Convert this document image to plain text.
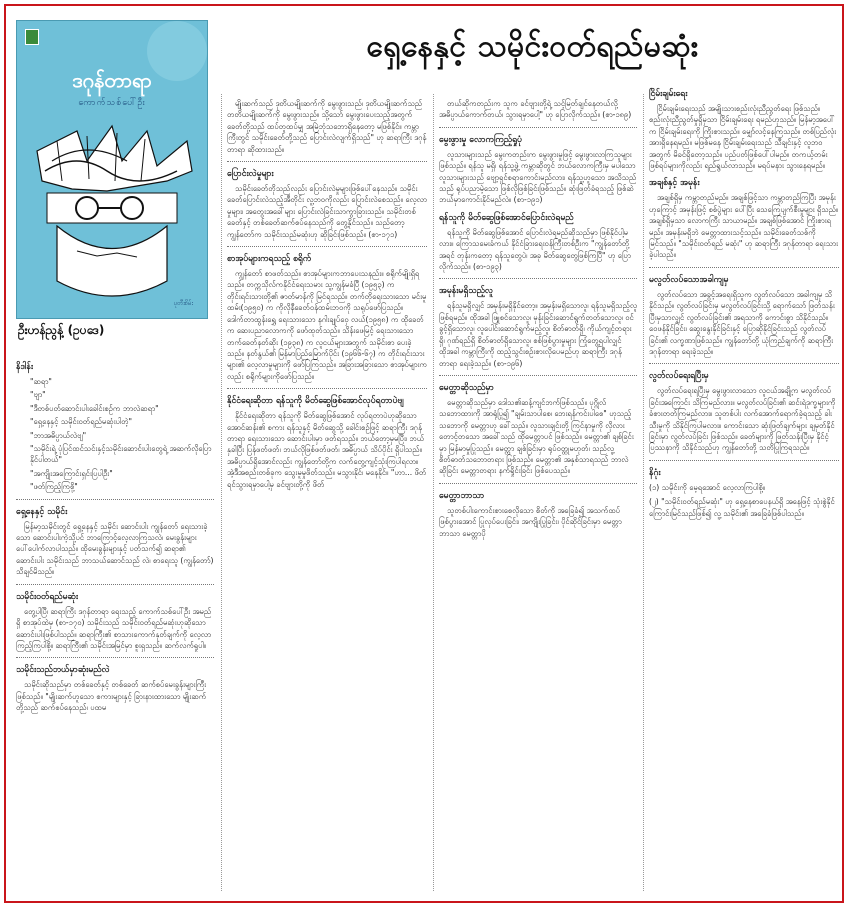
ဒဂုန်တာရာ
ကောက်သစ်ပေါ်ဦး
ပုတီးစိမ်း
ဦးဟန်ညွန့် (ဥပဒေ)
ရှေ့နေနှင့် သမိုင်းဝတ်ရည်မဆုံး
နိဒါန်း
"ဆရာ"
"ဗျာ"
"ဒီတစ်ပတ်ဆောင်းပါးခေါင်းစဉ်က ဘာလဲဆရာ"
"ရှေ့နေနှင့် သမိုင်းဝတ်ရည်မဆုံးပါတဲ့"
"ဘာအဓိပ္ပာယ်လဲဗျ"
"သမိုင်းရဲ့ ပုံပြင်ထင်သင်းနှင့်သမိုင်းဆောင်းပါးတွေရဲ့ အဆက်လိုပြောနိုင်ပါတယ်"
"အကျိုးအကြောင်းရှင်းပြပါဦး"
"ဖတ်ကြည့်ကြစို့"
ရှေ့နေနှင့် သမိုင်း

မြန်မာ့သမိုင်းတွင် ရှေ့နေနှင့် သမိုင်း ဆောင်းပါး ကျွန်တော် ရေးသားခဲ့သော ဆောင်းပါးကဲ့သို့ပင် ဘာကြောင့်လေ့လာကြသလဲ၊ မေးခွန်းများ ပေါ်ပေါက်လာပါသည်။ ထိုမေးခွန်းများနှင့် ပတ်သက်၍ ဆရာ၏ ဆောင်းပါး သမိုင်းသည် ဘာသယ်ဆောင်သည် လဲ၊ စာရေးသူ (ကျွန်တော်) သိချင်မိသည်။

သမိုင်းဝတ်ရည်မဆုံး

တွေ့ပါပြီ၊ ဆရာကြီး ဒဂုန်တာရာ ရေးသည့် ကောက်သစ်ပေါ်ဦး အမည်ရှိ စာအုပ်ထဲမှ (စာ-၁၇၀) သမိုင်းသည် သမိုင်းဝတ်ရည်မဆုံးဟုဆိုသော ဆောင်းပါးဖြစ်ပါသည်။ ဆရာကြီး၏ စာသားကောက်နုတ်ချက်ကို လေ့လာကြည့်ကြပါစို့။ ဆရာကြီး၏ သမိုင်းအမြင်မှာ စူးရှသည်။ ဆက်လက်ရှုပါ။

သမိုင်းသည်ဘယ်မှာဆုံးမည်လဲ

သမိုင်းဆိုသည်မှာ တစ်ခေတ်နှင့် တစ်ခေတ် ဆက်စပ်မေးခွန်းများကြီး ဖြစ်သည်။ "မျိုးဆက်ဟူသော စကားများနှင့် ခြားနားထားသော မျိုးဆက်တို့သည် ဆက်စပ်နေသည်၊ ပထမ

မျိုးဆက်သည် ဒုတိယမျိုးဆက်ကို မွေးဖွားသည်၊ ဒုတိယမျိုးဆက်သည် တတိယမျိုးဆက်ကို မွေးဖွားသည်။ သို့သော် မွေးဖွားပေးသည့်အတွက် ခေတ်တို့သည် ထပ်တူထပ်မျှ အမြဲဘုံသဘောရှိနေတော့ မဖြစ်နိုင်။ ကမ္ဘာကြီးတွင် သမိုင်းခေတ်တို့သည် ပြောင်းလဲလျက်ရှိသည်" ဟု ဆရာကြီး ဒဂုန်တာရာ ဆိုထားသည်။

ပြောင်းလဲမှုများ

သမိုင်းခေတ်တိုသည်လည်း ပြောင်းလဲမှုများဖြစ်ပေါ်နေသည်။ သမိုင်းခေတ်ပြောင်းလဲသည့်အီတိုင်း လူ့ဘဝကိုလည်း ပြောင်းလဲစေသည်။ လေ့လာမှုများ၊ အတွေးအခေါ်များ ပြောင်းလဲခြင်းသာကွာခြားသည်။ သမိုင်းတစ်ခေတ်နှင့် တစ်ခေတ်ဆက်စပ်နေသည်ကို တွေ့နိုင်သည်။ သည်တော့ ကျွန်တော်က သမိုင်းသည်မဆုံးဟု ဆိုခြင်းဖြစ်သည်။ (စာ-၁၇၁)

စာအုပ်များကရသည့် စရိုက်

ကျွန်တော် စာဖတ်သည်။ စာအုပ်များကဘာပေးသနည်း။ စရိုက်မျိုးရှိရသည်။ တက္ကသိုလ်ကနိုင်ငံရေးသမား သူ့ကျွန်မခံပြီ (၁၉၅၃) က တိုင်းရင်းသားတို့၏ ဇာတ်မာန်ကို မြင်ရသည်။ တက်တိုရေးသားသော မင်းမူထမ်း(၁၉၅၀) က ကိုလိုနီခေတ်ဝန်ထမ်းဘဝကို သရုပ်ဖော်ပြသည်။ ဒေါက်တာထွန်းရွှေ ရေးသားသော နဂါးချုပ်ဝှေ လယ်(၁၉၅၈) က ထိုခေတ်က ဆေးပညာလောကကို ဖော်ထုတ်သည်။ သိန်းဖေမြင့် ရေးသားသော တက်ခေတ်နတ်ဆိုး (၁၉၃၈) က လူငယ်များအတွက် သမိုင်းစာ ပေးခဲ့သည်။ နတ်နွယ်၏ မြန်မာပြည်မြောက်ပိုင်း (၁၉၆၆-၆၇) က တိုင်းရင်းသားများ၏ လေ့လာမှုများကို ဖော်ပြကြသည်။ အခြားအခြားသော စာအုပ်များက လည်း စရိုက်များကိုဖော်ပြသည်။

နိုင်ငံရေးဆိုတာ ရန်သူကို မိတ်ဆွေဖြစ်အောင်လုပ်ရတာပဲဗျ

နိုင်ငံရေးဆိုတာ ရန်သူကို မိတ်ဆွေဖြစ်အောင် လုပ်ရတာပဲဟုဆိုသော အောင်ဆန်း၏ စကား ရန်သူနှင့် မိတ်ဆွေသို့ ခေါင်းစဉ်ဖြင့် ဆရာကြီး ဒဂုန်တာရာ ရေးသားသော ဆောင်းပါးမှာ ဖတ်ရသည်။ ဘယ်တော့မှမပြီး၊ ဘယ်နှခါပြီး ပြန်ဖတ်ဖတ်၊ ဘယ်လိုဖြစ်ဖတ်ဖတ်၊ အဓိပ္ပာယ် သိပ်ပိုင်း ရှိပါသည်။ အဓိပ္ပာယ်ရှိအောင်လည်း ကျွန်တော်တို့က လက်တွေ့ကျင့်သုံးကြပါရလာ။ အဲ့ဒီအစည်းတစ်ခုက သွေးမူမှုဖိတ်သည်။ မသွားနိုင်၊ မနေနိုင်။ "ဟာ... ဖိတ်ရင်သွားရမှာပေါ့မှ ခင်ဗျားတို့ကို ဖိတ်

တယ်ဆိုကတည်းက သူက ခင်ဗျားတို့ရဲ့ သင့်မြတ်ချင်နေတယ်လို့ အဓိပ္ပာယ်ကောက်တယ်၊ သွားရမှာပေါ့" ဟု ပြောလိုက်သည်။ (စာ-၁၈၉)

မွေးဖွားမှု လောကကြည့်ရှုပုံ

လူသားများသည် မွေးကတည်းက မွေးဖွားမှုဖြင့် မွေးဖွားလာကြသူများ ဖြစ်သည်။ ရန်သူ မရှိ၊ ရန်သူ့ဖွဲ့ ကမ္ဘာဆိုတွင် ဘယ်လောကကြီးမှ မပါသော လူသားများသည် ဗျော့ရှင်စရာကောင်းမည်လား၊ ရန်သူ့ဟူသော အသိသည်သည် ရုပ်ပညာမဲ့သော ဖြစ်လိုဖြစ်ခြင်းဖြစ်သည်။ ဆုံးဖြတ်ခံရသည့် ဖြစ်ဆဲ ဘယ်မှာကောင်းနိုင်မည်လဲ။ (စာ-၁၉၁)

ရန်သူကို မိတ်ဆွေဖြစ်အောင်ပြောင်းလဲရမည်

ရန်သူကို မိတ်ဆွေဖြစ်အောင် ပြောင်းလဲရမည်ဆိုသည်မှာ ဖြစ်နိုင်ပါ့မလား။ ကြောသမေးခံကယ် နိုင်ငံခြားရေးဝန်ကြီးတစ်ဦးက "ကျွန်တော်တို့ အရင် တုန်းကတော့ ရန်သူတွေပဲ၊ အခု မိတ်ဆွေတွေဖြစ်ကြပြီ" ဟု ပြောလိုက်သည်။ (စာ-၁၉၃)

အမုန်းမရှိသည့်လူ

ရန်သူမရှိလျှင် အမုန်းမရှိနိုင်တော့။ အမုန်းမရှိသောလူ၊ ရန်သူမရှိသည့်လူ ဖြစ်ရမည်။ ထိုအခါ ဖြူစင်သောလူ၊ မုန်းခြင်းဆောင်ရွက်တတ်သောလူ၊ ဝင်ခွင့်ရှိသောလူ၊ လူပေါင်းဆောင်ရွက်မည့်လူ၊ စိတ်ဓာတ်ရှိ၊ ကိုယ်ကျင့်တရားရှိ၊ ဂုဏ်ရည်ရှိ စိတ်ဓာတ်ရှိသောလူ၊ စစ်ဖြစ်ပွားမှုများ ကြုံတွေ့ရပါလျှင် ထိုအခါ ကမ္ဘာကြီးကို ထည့်သွင်းစဉ်းစားလိုပေမည်ဟု ဆရာကြီး ဒဂုန်တာရာ ရေးခဲ့သည်။ (စာ-၁၉၆)

မေတ္တာဆိုသည်မှာ

မေတ္တာဆိုသည်မှာ ဒေါသ၏ဆန့်ကျင်ဘက်ဖြစ်သည်။ ပုဂ္ဂိုလ်သဘောထားကို အာရုံပြု၍ "ချမ်းသာပါစေ၊ ဘေးရန်ကင်းပါစေ" ဟုသည့်သဘောကို မေတ္တာဟု ခေါ်သည်။ လူသားချင်းတို့ ကြင်နာမှုကို လိုလားတောင့်တသော အခေါ်သည် ထိုမေတ္တာပင် ဖြစ်သည်။ မေတ္တာ၏ ချစ်ခြင်းမှာ မြန်မာမှုပြုသည်။ မေတ္တာ ချစ်ခြင်းမှာ ရုပ်ဝတ္ထုမဟုတ်၊ သည်လူ့ စိတ်ဓာတ်သဘောတရား ဖြစ်သည်။ မေတ္တာ၏ အနှစ်သာရသည် ဘာလဲ ဆိုခြင်း မေတ္တာတရား နက်ရှိုင်းခြင်း ဖြစ်ပေသည်။

မေတ္တာဘာသာ

သူတစ်ပါးကောင်းစားစေလိုသော စိတ်ကို အခြေခံ၍ အသက်ထပ်ဖြစ်ပွားအောင် ပြုလုပ်ပေးခြင်း၊ အကျိုးပြုခြင်း၊ ပိုင်ဆိုင်ခြင်းမှာ မေတ္တာဘာသာ မေတ္တာပို

ငြိမ်းချမ်းရေး

ငြိမ်းချမ်းရေးသည် အမျိုးသားစည်းလုံးညီညွတ်ရေး ဖြစ်သည်။ စည်းလုံးညီညွတ်မှုရှိမှသာ ငြိမ်းချမ်းရေး ရမည်ဟုသည်။ မြန်မာ့အပေါ်က ငြိမ်းချမ်းရေးကို ကြိုးစားသည်။ မျှော်လင့်နေကြသည်။ တစ်ပြည်လုံး အားရှိနေရမည်။ မဖြစ်မနေ ငြိမ်းချမ်းရေးသည် သီချင်းနှင့် လူဘဝအတွက် မိခင်ရှိတော့သည်။ ပည်ပတ်ဖြစ်ပေါ်ပါမည်။ တကယ့်တမ်း ဖြစ်ရပ်များကိုလည်း ရည်ရွယ်လာသည်။ မရပ်မနား သွားနေရမည်။

အချစ်နှင့် အမုန်း

အချစ်ရှိမှ ကမ္ဘာတည်မည်။ အချစ်ဖြင့်သာ ကမ္ဘာတည်ကြပြီး အမုန်းဟုကြောင့် အမုန်းဖြင့် စစ်ပွဲများ ပေါ်ပြီး သေကြေပျက်စီးမှုများ ရှိသည်။ အချစ်ရှိမှသာ လောကကြီး သာယာမည်။ အချစ်ဖြစ်အောင် ကြိုးစားရမည်။ အမုန်းမရှိဘဲ မေတ္တာထားသင့်သည်။ သမိုင်းခေတ်သစ်ကို မြင်သည်။ "သမိုင်းဝတ်ရည် မဆုံး" ဟု ဆရာကြီး ဒဂုန်တာရာ ရေးသားခဲ့ပါသည်။

မလွတ်လပ်သောအခါကျမှ

လွတ်လပ်သော အခွင့်အရေးရှိသူက လွတ်လပ်သော အခါကျမှ သိနိုင်သည်။ လွတ်လပ်ခြင်းမှ မလွတ်လပ်ခြင်းသို့ ရောက်သော် ဖြတ်သန်းပြီးမှသာလျှင် လွတ်လပ်ခြင်း၏ အရသာကို ကောင်းစွာ သိနိုင်သည်။ ဝေဖန်နိုင်ခြင်း၊ ဆွေးနွေးနိုင်ခြင်းနှင့် ပြောဆိုနိုင်ခြင်းသည် လွတ်လပ်ခြင်း၏ လက္ခဏာဖြစ်သည်။ ကျွန်တော်တို့ ယုံကြည်ချက်ကို ဆရာကြီး ဒဂုန်တာရာ ရေးခဲ့သည်။

လွတ်လပ်ရေးရပြီးမှ

လွတ်လပ်ရေးရပြီးမှ မွေးဖွားလာသော လူငယ်အချို့က မလွတ်လပ်ခြင်းအကြောင်း သိကြမည်လား။ မလွတ်လပ်ခြင်း၏ ဆင်းရဲဒုက္ခများကို ခံစားတတ်ကြမည်လား။ သူတစ်ပါး လက်အောက်ရောက်ခဲ့ရသည့် ခါးသီးမှုကို သိနိုင်ကြပါမလား။ ကောင်းသော ဆုံးဖြတ်ချက်များ ချမှတ်နိုင်ခြင်းမှာ လွတ်လပ်ခြင်း ဖြစ်သည်။ ခေတ်များကို ဖြတ်သန်းပြီးမှ နိုင်ငံ့ပြဿနာကို သိနိုင်သည်ဟု ကျွန်တော်တို့ သတိပြုကြရသည်။

နိဂုံး
(၁) သမိုင်းကို မေ့ရအောင် လေ့လာကြပါစို့။
(၂) "သမိုင်းဝတ်ရည်မဆုံး" ဟု ရှေ့နေစာပေနယ်ရှိ အနေဖြင့် သုံးစွဲနိုင်ကြောင်းမြင်သည်ဖြစ်၍ လူ့ သမိုင်း၏ အခြေခံဖြစ်ပါသည်။
